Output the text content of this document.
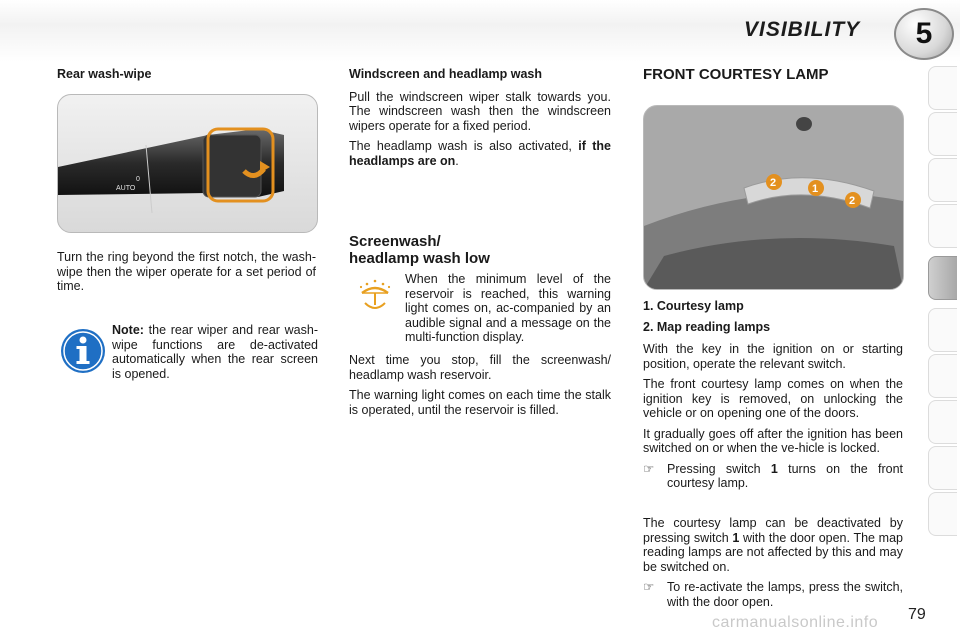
VISIBILITY	5
Rear wash-wipe
AUTO
0

Turn the ring beyond the first notch, the wash-wipe then the wiper operate for a set period of time.

Note: the rear wiper and rear wash-wipe functions are de-activated automatically when the rear screen is opened.

Windscreen and headlamp wash

Pull the windscreen wiper stalk towards you. The windscreen wash then the windscreen wipers operate for a fixed period.

The headlamp wash is also activated, if the headlamps are on.

Screenwash/
headlamp wash low

When the minimum level of the reservoir is reached, this warning light comes on, ac-companied by an audible signal and a message on the multi-function display.

Next time you stop, fill the screenwash/ headlamp wash reservoir.

The warning light comes on each time the stalk is operated, until the reservoir is filled.

FRONT COURTESY LAMP
2	1
2

1. Courtesy lamp

2. Map reading lamps

With the key in the ignition on or starting position, operate the relevant switch.

The front courtesy lamp comes on when the ignition key is removed, on unlocking the vehicle or on opening one of the doors.

It gradually goes off after the ignition has been switched on or when the ve-hicle is locked.

☞	Pressing switch 1 turns on the front courtesy lamp.

The courtesy lamp can be deactivated by pressing switch 1 with the door open. The map reading lamps are not affected by this and may be switched on.

☞	To re-activate the lamps, press the switch, with the door open.
carmanualsonline.info 79
